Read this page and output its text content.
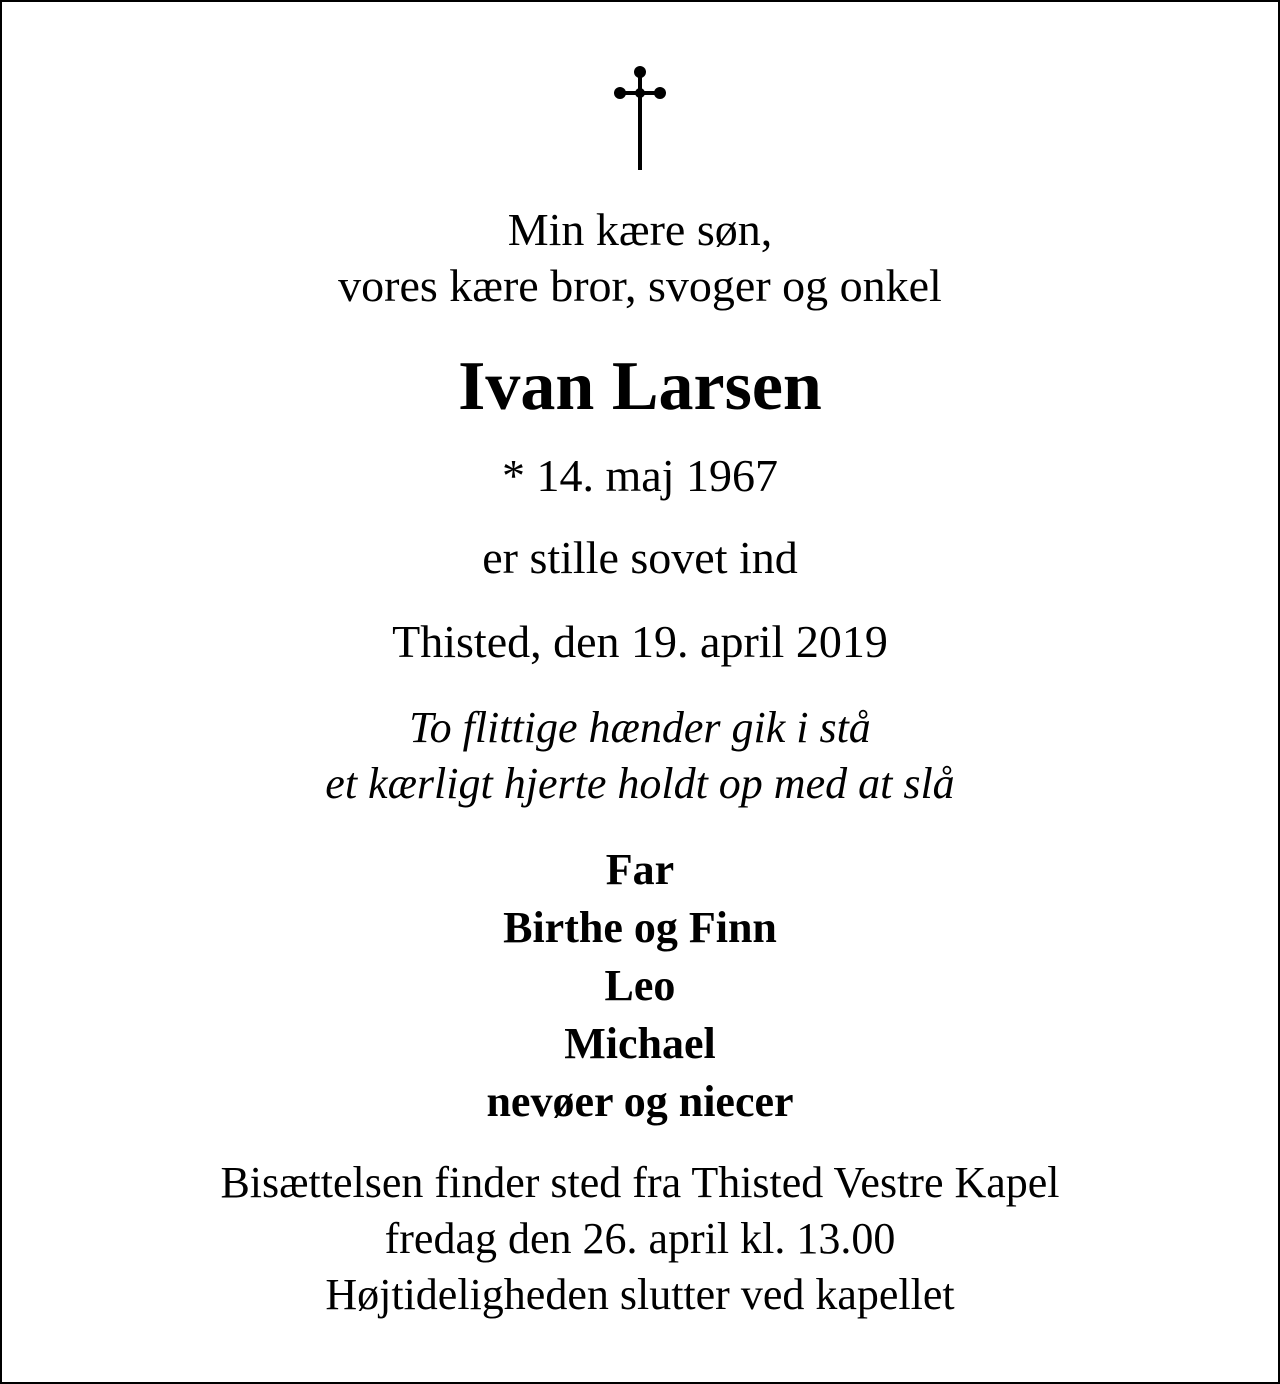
Min kære søn,
vores kære bror, svoger og onkel

Ivan Larsen

* 14. maj 1967

er stille sovet ind

Thisted, den 19. april 2019

To flittige hænder gik i stå
et kærligt hjerte holdt op med at slå

Far
Birthe og Finn
Leo
Michael
nevøer og niecer

Bisættelsen finder sted fra Thisted Vestre Kapel
fredag den 26. april kl. 13.00
Højtideligheden slutter ved kapellet
